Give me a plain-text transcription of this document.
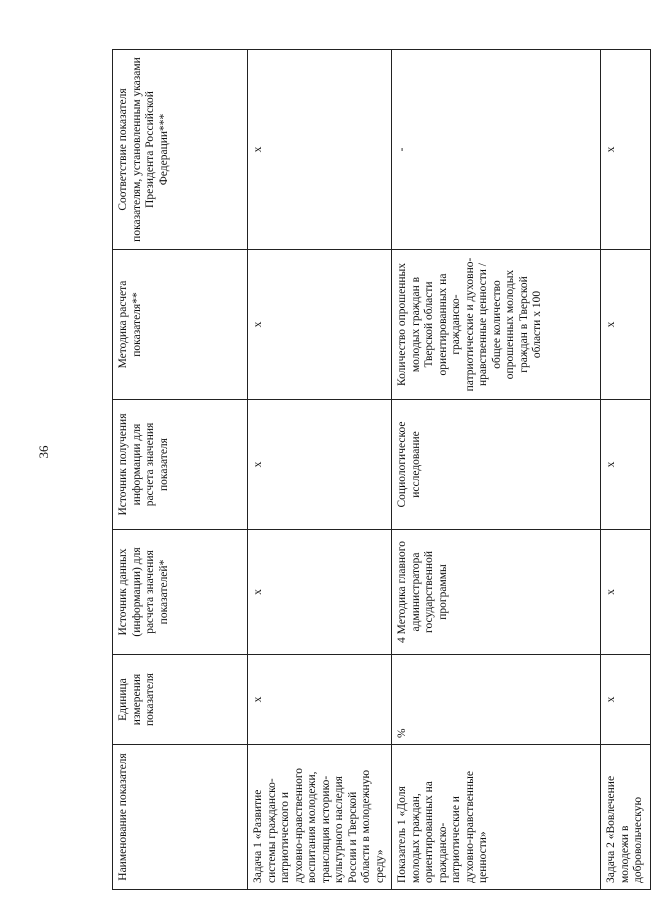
36
Наименование показателя	Единица измерения показателя	Источник данных (информации) для расчета значения показателей*	Источник получения информации для расчета значения показателя	Методика расчета показателя**	Соответствие показателя показателям, установленным указами Президента Российской Федерации***
Задача 1 «Развитие системы гражданско-патриотического и духовно-нравственного воспитания молодежи, трансляция историко-культурного наследия России и Тверской области в молодежную среду»	х	х	х	х	х
Показатель 1 «Доля молодых граждан, ориентированных на гражданско-патриотические и духовно-нравственные ценности»	%	4 Методика главного администратора государственной программы	Социологическое исследование	Количество опрошенных молодых граждан в Тверской области ориентированных на гражданско-патриотические и духовно-нравственные ценности / общее количество опрошенных молодых граждан в Тверской области х 100	-
Задача 2 «Вовлечение молодежи в добровольческую	х	х	х	х	х
